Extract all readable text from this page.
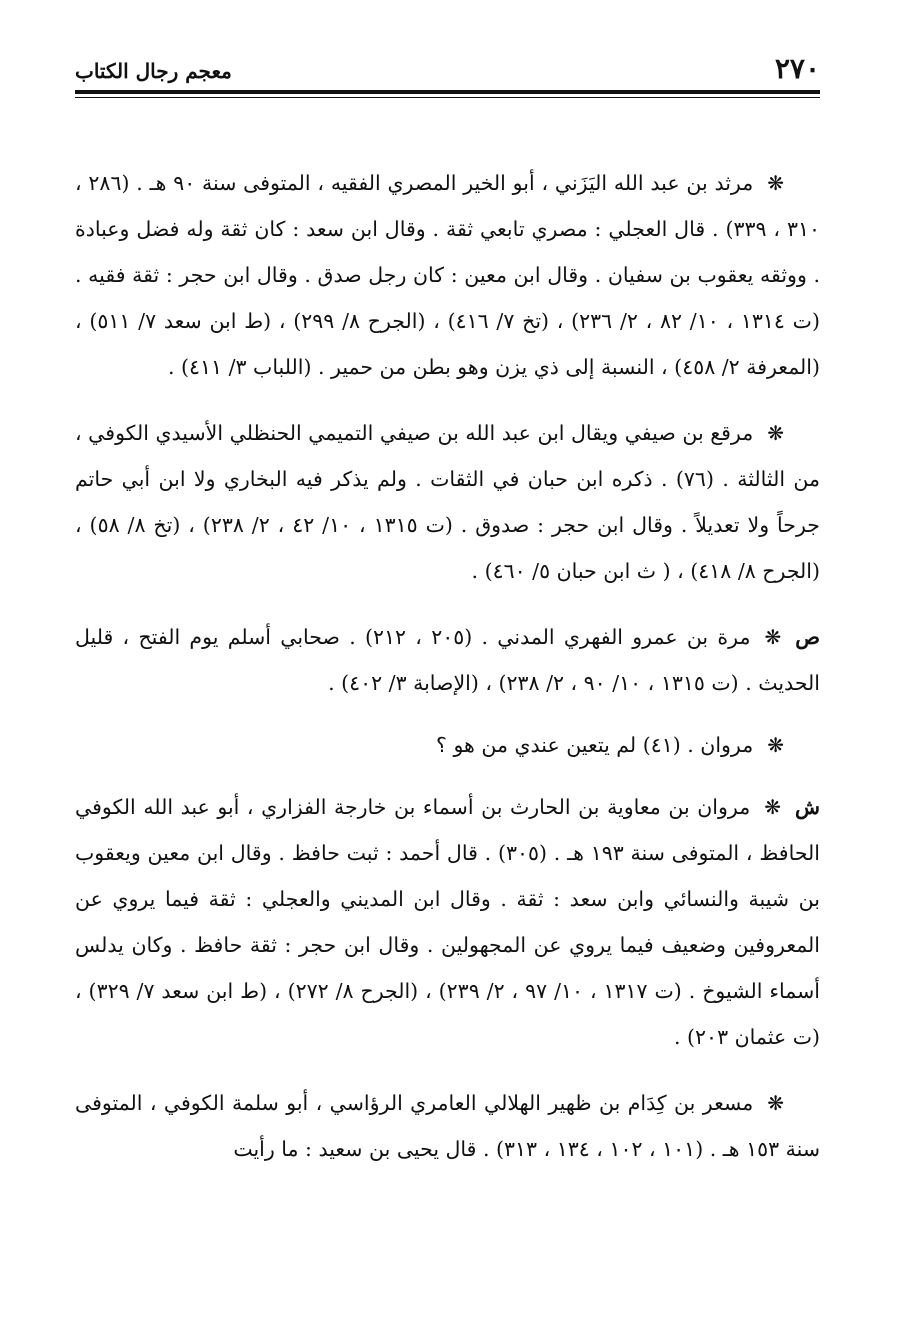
٢٧٠
معجم رجال الكتاب

❋مرثد بن عبد الله اليَزَني ، أبو الخير المصري الفقيه ، المتوفى سنة ٩٠ هـ . (٢٨٦ ، ٣١٠ ، ٣٣٩) . قال العجلي : مصري تابعي ثقة . وقال ابن سعد : كان ثقة وله فضل وعبادة . ووثقه يعقوب بن سفيان . وقال ابن معين : كان رجل صدق . وقال ابن حجر : ثقة فقيه . (ت ١٣١٤ ، ١٠/ ٨٢ ، ٢/ ٢٣٦) ، (تخ ٧/ ٤١٦) ، (الجرح ٨/ ٢٩٩) ، (ط ابن سعد ٧/ ٥١١) ، (المعرفة ٢/ ٤٥٨) ، النسبة إلى ذي يزن وهو بطن من حمير . (اللباب ٣/ ٤١١) .

❋مرقع بن صيفي ويقال ابن عبد الله بن صيفي التميمي الحنظلي الأسيدي الكوفي ، من الثالثة . (٧٦) . ذكره ابن حبان في الثقات . ولم يذكر فيه البخاري ولا ابن أبي حاتم جرحاً ولا تعديلاً . وقال ابن حجر : صدوق . (ت ١٣١٥ ، ١٠/ ٤٢ ، ٢/ ٢٣٨) ، (تخ ٨/ ٥٨) ، (الجرح ٨/ ٤١٨) ، ( ث ابن حبان ٥/ ٤٦٠) .

ص❋مرة بن عمرو الفهري المدني . (٢٠٥ ، ٢١٢) . صحابي أسلم يوم الفتح ، قليل الحديث . (ت ١٣١٥ ، ١٠/ ٩٠ ، ٢/ ٢٣٨) ، (الإصابة ٣/ ٤٠٢) .

❋مروان . (٤١) لم يتعين عندي من هو ؟

ش❋مروان بن معاوية بن الحارث بن أسماء بن خارجة الفزاري ، أبو عبد الله الكوفي الحافظ ، المتوفى سنة ١٩٣ هـ . (٣٠٥) . قال أحمد : ثبت حافظ . وقال ابن معين ويعقوب بن شيبة والنسائي وابن سعد : ثقة . وقال ابن المديني والعجلي : ثقة فيما يروي عن المعروفين وضعيف فيما يروي عن المجهولين . وقال ابن حجر : ثقة حافظ . وكان يدلس أسماء الشيوخ . (ت ١٣١٧ ، ١٠/ ٩٧ ، ٢/ ٢٣٩) ، (الجرح ٨/ ٢٧٢) ، (ط ابن سعد ٧/ ٣٢٩) ، (ت عثمان ٢٠٣) .

❋مسعر بن كِدَام بن ظهير الهلالي العامري الرؤاسي ، أبو سلمة الكوفي ، المتوفى سنة ١٥٣ هـ . (١٠١ ، ١٠٢ ، ١٣٤ ، ٣١٣) . قال يحيى بن سعيد : ما رأيت
